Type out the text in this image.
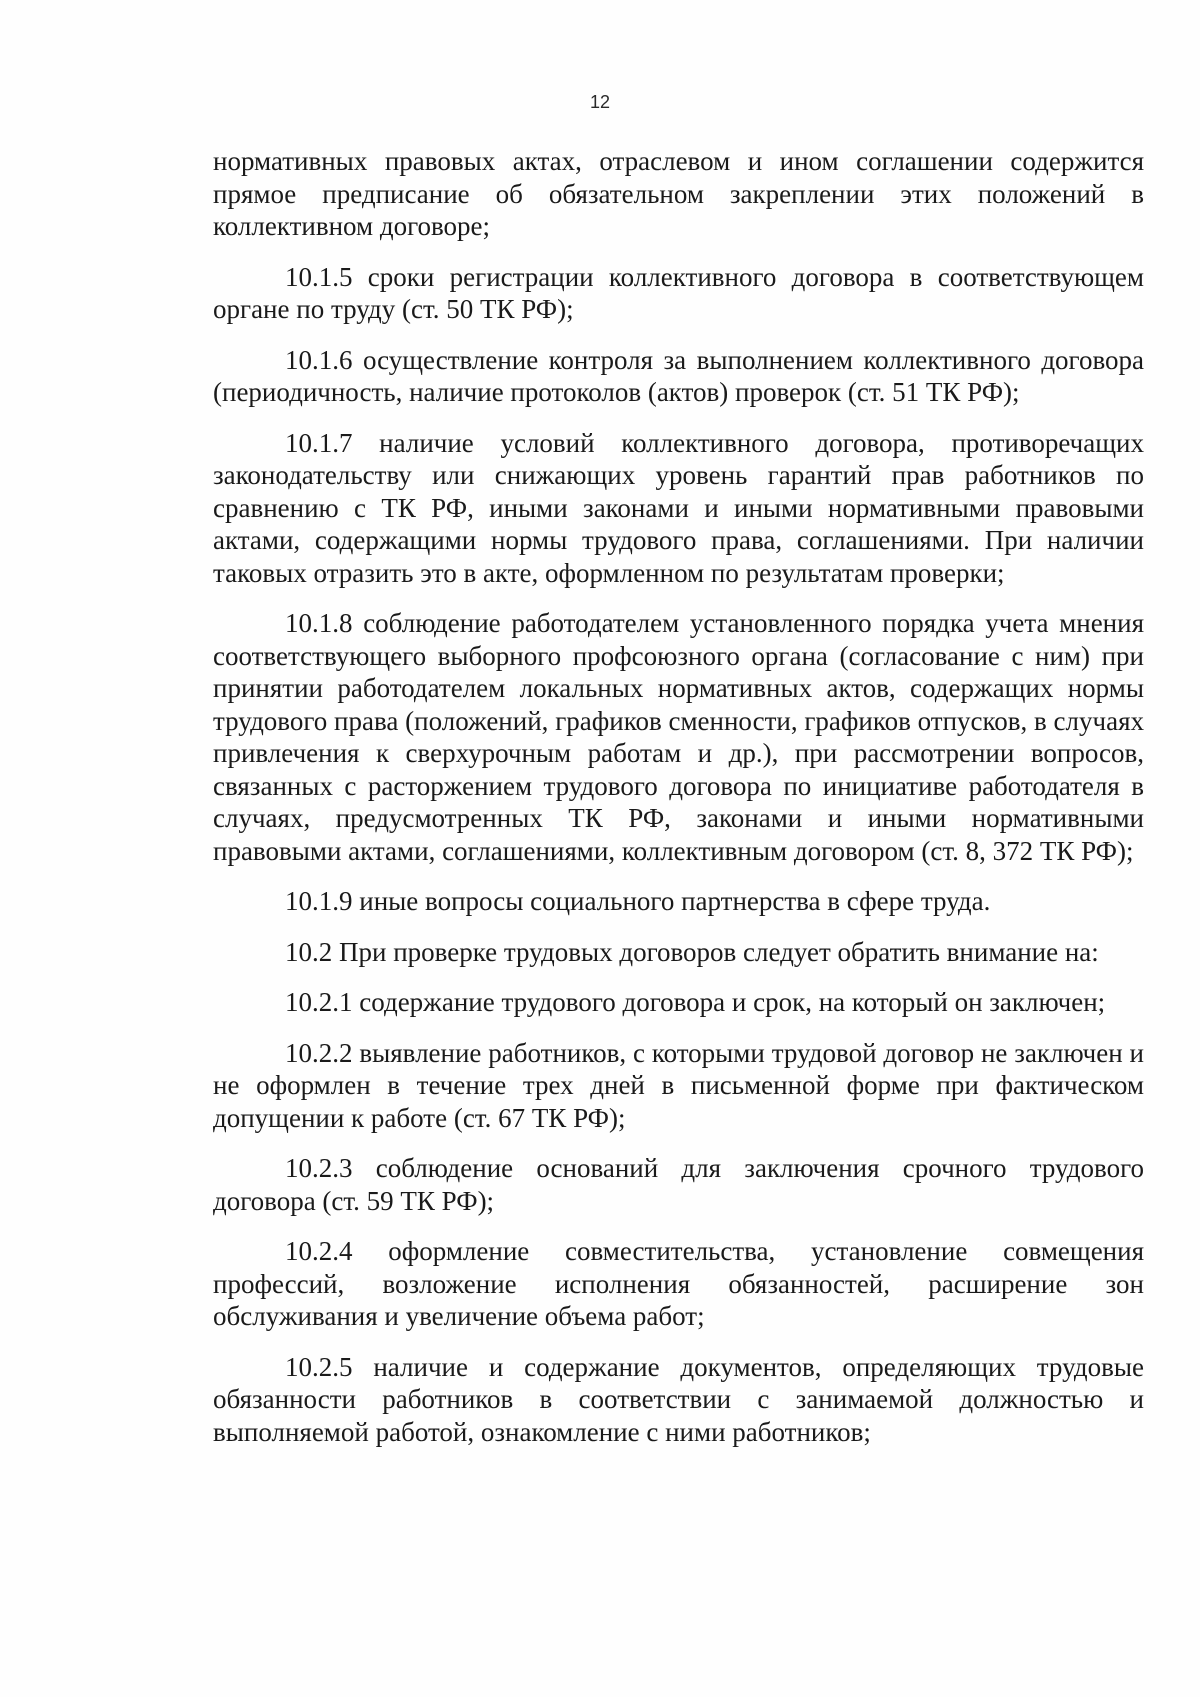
12

нормативных правовых актах, отраслевом и ином соглашении содержится прямое предписание об обязательном закреплении этих положений в коллективном договоре;

10.1.5 сроки регистрации коллективного договора в соответствующем органе по труду (ст. 50 ТК РФ);

10.1.6 осуществление контроля за выполнением коллективного договора (периодичность, наличие протоколов (актов) проверок (ст. 51 ТК РФ);

10.1.7 наличие условий коллективного договора, противоречащих законодательству или снижающих уровень гарантий прав работников по сравнению с ТК РФ, иными законами и иными нормативными правовыми актами, содержащими нормы трудового права, соглашениями. При наличии таковых отразить это в акте, оформленном по результатам проверки;

10.1.8 соблюдение работодателем установленного порядка учета мнения соответствующего выборного профсоюзного органа (согласование с ним) при принятии работодателем локальных нормативных актов, содержащих нормы трудового права (положений, графиков сменности, графиков отпусков, в случаях привлечения к сверхурочным работам и др.), при рассмотрении вопросов, связанных с расторжением трудового договора по инициативе работодателя в случаях, предусмотренных ТК РФ, законами и иными нормативными правовыми актами, соглашениями, коллективным договором (ст. 8, 372 ТК РФ);

10.1.9 иные вопросы социального партнерства в сфере труда.

10.2 При проверке трудовых договоров следует обратить внимание на:

10.2.1 содержание трудового договора и срок, на который он заключен;

10.2.2 выявление работников, с которыми трудовой договор не заключен и не оформлен в течение трех дней в письменной форме при фактическом допущении к работе (ст. 67 ТК РФ);

10.2.3 соблюдение оснований для заключения срочного трудового договора (ст. 59 ТК РФ);

10.2.4 оформление совместительства, установление совмещения профессий, возложение исполнения обязанностей, расширение зон обслуживания и увеличение объема работ;

10.2.5 наличие и содержание документов, определяющих трудовые обязанности работников в соответствии с занимаемой должностью и выполняемой работой, ознакомление с ними работников;
